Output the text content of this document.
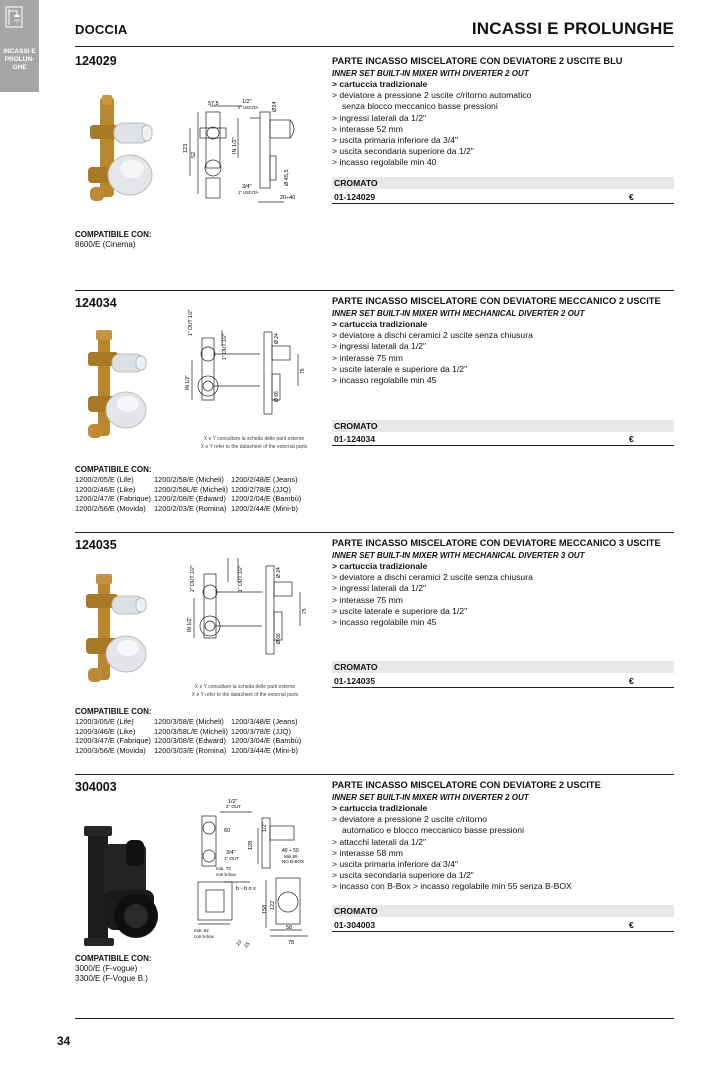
INCASSI E
PROLUN-
GHE
DOCCIA	INCASSI E PROLUNGHE
124029
123
52
IN 1/2"
Ø24
Ø 45,5
57,5	1/2"
2" USCITA
3/4"
1" USCITA
20÷40
PARTE INCASSO MISCELATORE CON DEVIATORE 2 USCITE BLU
INNER SET BUILT-IN MIXER WITH DIVERTER 2 OUT
> cartuccia tradizionale
> deviatore a pressione 2 uscite c/ritorno automatico
senza blocco meccanico basse pressioni
> ingressi laterali da 1/2"
> interasse 52 mm
> uscita primaria inferiore da 3/4"
> uscita secondaria superiore da 1/2"
> incasso regolabile min 40
CROMATO
01-124029	€
COMPATIBILE CON:
8600/E (Cinema)
124034
1" OUT 1/2"
1" OUT 1/2"
IN 1/2"
Ø 24
75
Ø 66
X e Y consultare la scheda delle parti esterne
X e Y refer to the datasheet of the external parts
PARTE INCASSO MISCELATORE CON DEVIATORE MECCANICO 2 USCITE
INNER SET BUILT-IN MIXER WITH MECHANICAL DIVERTER 2 OUT
> cartuccia tradizionale
> deviatore a dischi ceramici 2 uscite senza chiusura
> ingressi laterali da 1/2"
> interasse 75 mm
> uscite laterale e superiore da 1/2"
> incasso regolabile min 45
CROMATO
01-124034	€
COMPATIBILE CON:
1200/2/05/E (Life)	1200/2/58/E (Micheli)	1200/2/48/E (Jeans)
1200/2/46/E (Like)	1200/2/58L/E (Micheli)	1200/2/78/E (JJQ)
1200/2/47/E (Fabrique)	1200/2/08/E (Edward)	1200/2/04/E (Bambù)
1200/2/56/E (Movida)	1200/2/03/E (Romina)	1200/2/44/E (Mini-b)
124035
2" OUT 1/2"	1" OUT 1/2"
IN 1/2"
Ø 24
75
Ø 66
X e Y consultare la scheda delle parti esterne
X e Y refer to the datasheet of the external parts
PARTE INCASSO MISCELATORE CON DEVIATORE MECCANICO 3 USCITE
INNER SET BUILT-IN MIXER WITH MECHANICAL DIVERTER 3 OUT
> cartuccia tradizionale
> deviatore a dischi ceramici 2 uscite senza chiusura
> ingressi laterali da 1/2"
> interasse 75 mm
> uscite laterale e superiore da 1/2"
> incasso regolabile min 45
CROMATO
01-124035	€
COMPATIBILE CON:
1200/3/05/E (Life)	1200/3/58/E (Micheli)	1200/3/48/E (Jeans)
1200/3/46/E (Like)	1200/3/58L/E (Micheli)	1200/3/78/E (JJQ)
1200/3/47/E (Fabrique)	1200/3/08/E (Edward)	1200/3/04/E (Bambù)
1200/3/56/E (Movida)	1200/3/03/E (Romina)	1200/3/44/E (Mini-b)
304003
1/2"
2" OUT
60
128
1/2"
3/4"
1" OUT
40 ÷ 50
Min.55
NO B-BOX
min. 72
con b-box
b - b o x
158 122
58
78
min. 62
con b-box
10 15
PARTE INCASSO MISCELATORE CON DEVIATORE 2 USCITE
INNER SET BUILT-IN MIXER WITH DIVERTER 2 OUT
> cartuccia tradizionale
> deviatore a pressione 2 uscite c/ritorno
automatico e blocco meccanico basse pressioni
> attacchi laterali da 1/2"
> interasse 58 mm
> uscita primaria inferiore da 3/4"
> uscita secondaria superiore da 1/2"
> incasso con B-Box > incasso regolabile min 55 senza B-BOX
CROMATO
01-304003	€
COMPATIBILE CON:
3000/E (F-vogue)
3300/E (F-Vogue B.)
34
